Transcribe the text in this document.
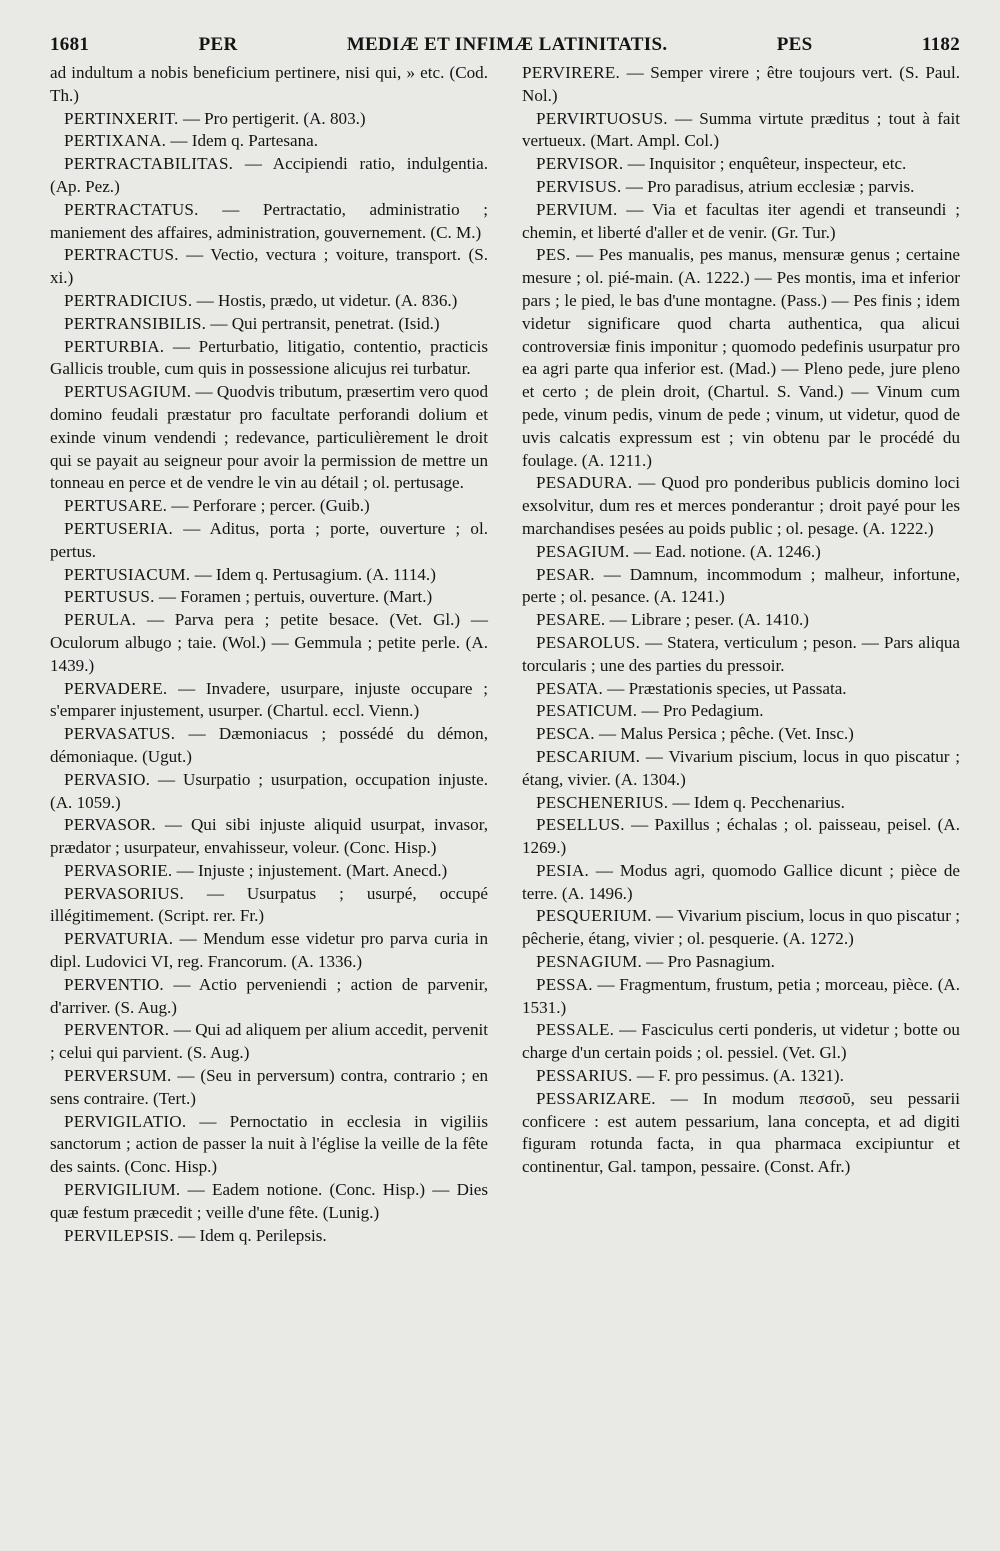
1681	PER	MEDIÆ ET INFIMÆ LATINITATIS.	PES	1182

ad indultum a nobis beneficium pertinere, nisi qui, » etc. (Cod. Th.)

PERTINXERIT. — Pro pertigerit. (A. 803.)

PERTIXANA. — Idem q. Partesana.

PERTRACTABILITAS. — Accipiendi ratio, indulgentia. (Ap. Pez.)

PERTRACTATUS. — Pertractatio, administratio ; maniement des affaires, administration, gouvernement. (C. M.)

PERTRACTUS. — Vectio, vectura ; voiture, transport. (S. xi.)

PERTRADICIUS. — Hostis, prædo, ut videtur. (A. 836.)

PERTRANSIBILIS. — Qui pertransit, penetrat. (Isid.)

PERTURBIA. — Perturbatio, litigatio, contentio, practicis Gallicis trouble, cum quis in possessione alicujus rei turbatur.

PERTUSAGIUM. — Quodvis tributum, præsertim vero quod domino feudali præstatur pro facultate perforandi dolium et exinde vinum vendendi ; redevance, particulièrement le droit qui se payait au seigneur pour avoir la permission de mettre un tonneau en perce et de vendre le vin au détail ; ol. pertusage.

PERTUSARE. — Perforare ; percer. (Guib.)

PERTUSERIA. — Aditus, porta ; porte, ouverture ; ol. pertus.

PERTUSIACUM. — Idem q. Pertusagium. (A. 1114.)

PERTUSUS. — Foramen ; pertuis, ouverture. (Mart.)

PERULA. — Parva pera ; petite besace. (Vet. Gl.) — Oculorum albugo ; taie. (Wol.) — Gemmula ; petite perle. (A. 1439.)

PERVADERE. — Invadere, usurpare, injuste occupare ; s'emparer injustement, usurper. (Chartul. eccl. Vienn.)

PERVASATUS. — Dæmoniacus ; possédé du démon, démoniaque. (Ugut.)

PERVASIO. — Usurpatio ; usurpation, occupation injuste. (A. 1059.)

PERVASOR. — Qui sibi injuste aliquid usurpat, invasor, prædator ; usurpateur, envahisseur, voleur. (Conc. Hisp.)

PERVASORIE. — Injuste ; injustement. (Mart. Anecd.)

PERVASORIUS. — Usurpatus ; usurpé, occupé illégitimement. (Script. rer. Fr.)

PERVATURIA. — Mendum esse videtur pro parva curia in dipl. Ludovici VI, reg. Francorum. (A. 1336.)

PERVENTIO. — Actio perveniendi ; action de parvenir, d'arriver. (S. Aug.)

PERVENTOR. — Qui ad aliquem per alium accedit, pervenit ; celui qui parvient. (S. Aug.)

PERVERSUM. — (Seu in perversum) contra, contrario ; en sens contraire. (Tert.)

PERVIGILATIO. — Pernoctatio in ecclesia in vigiliis sanctorum ; action de passer la nuit à l'église la veille de la fête des saints. (Conc. Hisp.)

PERVIGILIUM. — Eadem notione. (Conc. Hisp.) — Dies quæ festum præcedit ; veille d'une fête. (Lunig.)

PERVILEPSIS. — Idem q. Perilepsis.

PERVIRERE. — Semper virere ; être toujours vert. (S. Paul. Nol.)

PERVIRTUOSUS. — Summa virtute præditus ; tout à fait vertueux. (Mart. Ampl. Col.)

PERVISOR. — Inquisitor ; enquêteur, inspecteur, etc.

PERVISUS. — Pro paradisus, atrium ecclesiæ ; parvis.

PERVIUM. — Via et facultas iter agendi et transeundi ; chemin, et liberté d'aller et de venir. (Gr. Tur.)

PES. — Pes manualis, pes manus, mensuræ genus ; certaine mesure ; ol. pié-main. (A. 1222.) — Pes montis, ima et inferior pars ; le pied, le bas d'une montagne. (Pass.) — Pes finis ; idem videtur significare quod charta authentica, qua alicui controversiæ finis imponitur ; quomodo pedefinis usurpatur pro ea agri parte qua inferior est. (Mad.) — Pleno pede, jure pleno et certo ; de plein droit, (Chartul. S. Vand.) — Vinum cum pede, vinum pedis, vinum de pede ; vinum, ut videtur, quod de uvis calcatis expressum est ; vin obtenu par le procédé du foulage. (A. 1211.)

PESADURA. — Quod pro ponderibus publicis domino loci exsolvitur, dum res et merces ponderantur ; droit payé pour les marchandises pesées au poids public ; ol. pesage. (A. 1222.)

PESAGIUM. — Ead. notione. (A. 1246.)

PESAR. — Damnum, incommodum ; malheur, infortune, perte ; ol. pesance. (A. 1241.)

PESARE. — Librare ; peser. (A. 1410.)

PESAROLUS. — Statera, verticulum ; peson. — Pars aliqua torcularis ; une des parties du pressoir.

PESATA. — Præstationis species, ut Passata.

PESATICUM. — Pro Pedagium.

PESCA. — Malus Persica ; pêche. (Vet. Insc.)

PESCARIUM. — Vivarium piscium, locus in quo piscatur ; étang, vivier. (A. 1304.)

PESCHENERIUS. — Idem q. Pecchenarius.

PESELLUS. — Paxillus ; échalas ; ol. paisseau, peisel. (A. 1269.)

PESIA. — Modus agri, quomodo Gallice dicunt ; pièce de terre. (A. 1496.)

PESQUERIUM. — Vivarium piscium, locus in quo piscatur ; pêcherie, étang, vivier ; ol. pesquerie. (A. 1272.)

PESNAGIUM. — Pro Pasnagium.

PESSA. — Fragmentum, frustum, petia ; morceau, pièce. (A. 1531.)

PESSALE. — Fasciculus certi ponderis, ut videtur ; botte ou charge d'un certain poids ; ol. pessiel. (Vet. Gl.)

PESSARIUS. — F. pro pessimus. (A. 1321).

PESSARIZARE. — In modum πεσσοῦ, seu pessarii conficere : est autem pessarium, lana concepta, et ad digiti figuram rotunda facta, in qua pharmaca excipiuntur et continentur, Gal. tampon, pessaire. (Const. Afr.)
